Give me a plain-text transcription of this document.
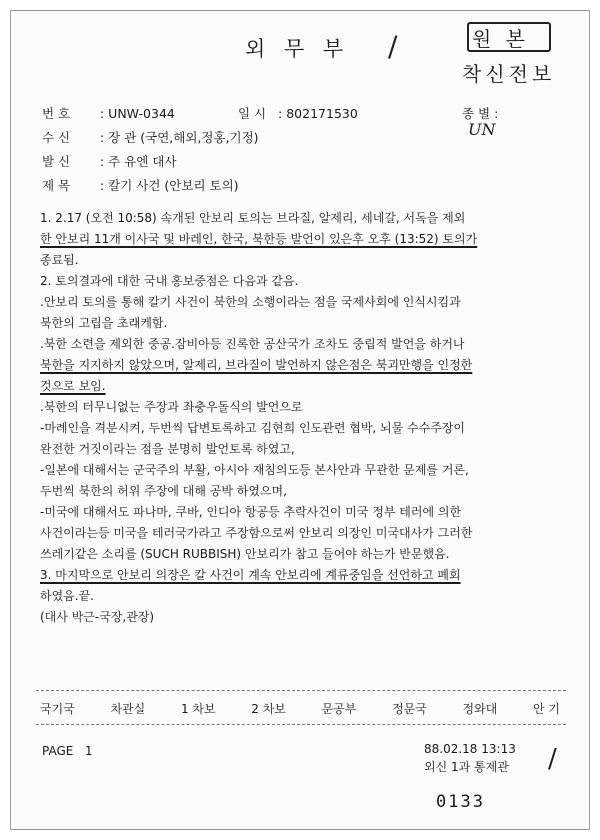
외 무 부 /	원 본
착신전보
번 호 : UNW-0344	일 시 : 802171530	종 별 :
UN
수 신 : 장 관 (국연,해외,정홍,기정)
발 신 : 주 유엔 대사
제 목 : 칼기 사건 (안보리 토의)
1. 2.17 (오전 10:58) 속개된 안보리 토의는 브라질, 알제리, 세네갈, 서독을 제외
한 안보리 11개 이사국 및 바레인, 한국, 북한등 발언이 있은후 오후 (13:52) 토의가
종료됨.
2. 토의결과에 대한 국내 홍보중점은 다음과 같음.
.안보리 토의를 통해 칼기 사건이 북한의 소행이라는 점을 국제사회에 인식시킴과
북한의 고립을 초래케함.
.북한 소련을 제외한 중공.잠비아등 진록한 공산국가 조차도 중립적 발언을 하거나
북한을 지지하지 않았으며, 알제리, 브라질이 발언하지 않은점은 북괴만행을 인정한
것으로 보임.
.북한의 터무니없는 주장과 좌충우돌식의 발언으로
-마례인을 격분시켜, 두번씩 답변토록하고 김현희 인도관련 협박, 뇌물 수수주장이
완전한 거짓이라는 점을 분명히 발언토록 하였고,
-일본에 대해서는 군국주의 부활, 아시아 재침의도등 본사안과 무관한 문제를 거론,
두번씩 북한의 허위 주장에 대해 공박 하였으며,
-미국에 대해서도 파나마, 쿠바, 인디아 항공등 추락사건이 미국 정부 테러에 의한
사건이라는등 미국을 테러국가라고 주장함으로써 안보리 의장인 미국대사가 그러한
쓰레기같은 소리를 (SUCH RUBBISH) 안보리가 참고 들어야 하는가 반문했음.
3. 마지막으로 안보리 의장은 칼 사건이 계속 안보리에 계류중임을 선언하고 폐회
하였음.끝.
(대사 박근-국장,관장)
국기국	차관실	1 차보	2 차보	문공부	정문국	정와대	안 기
PAGE 1	88.02.18 13:13
외신 1과 통제관 /
0133
